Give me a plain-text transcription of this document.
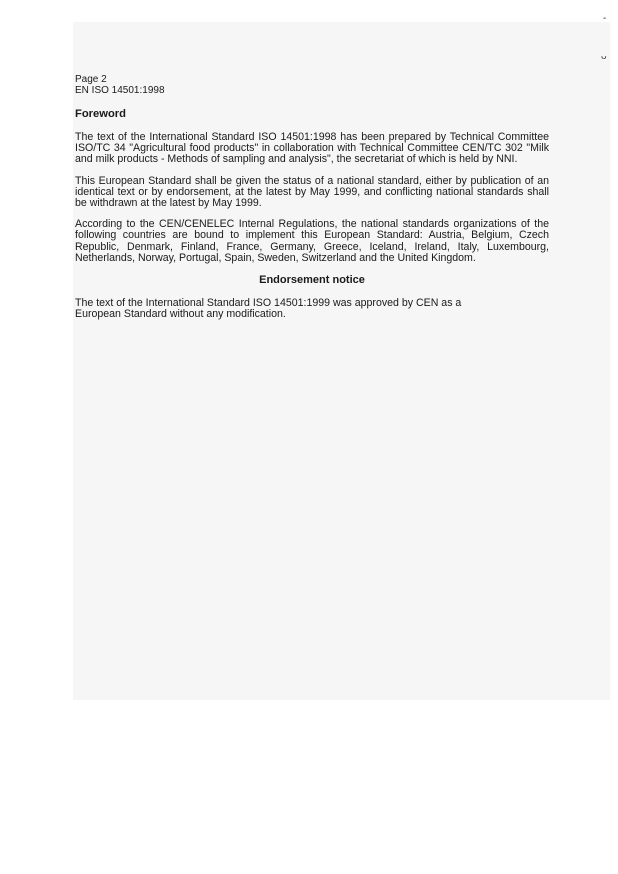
-
ᴗ

Page 2

EN ISO 14501:1998

Foreword

The text of the International Standard ISO 14501:1998 has been prepared by Technical Committee ISO/TC 34 "Agricultural food products" in collaboration with Technical Committee CEN/TC 302 "Milk and milk products - Methods of sampling and analysis", the secretariat of which is held by NNI.

This European Standard shall be given the status of a national standard, either by publication of an identical text or by endorsement, at the latest by May 1999, and conflicting national standards shall be withdrawn at the latest by May 1999.

According to the CEN/CENELEC Internal Regulations, the national standards organizations of the following countries are bound to implement this European Standard: Austria, Belgium, Czech Republic, Denmark, Finland, France, Germany, Greece, Iceland, Ireland, Italy, Luxembourg, Netherlands, Norway, Portugal, Spain, Sweden, Switzerland and the United Kingdom.

Endorsement notice

The text of the International Standard ISO 14501:1999 was approved by CEN as a European Standard without any modification.
